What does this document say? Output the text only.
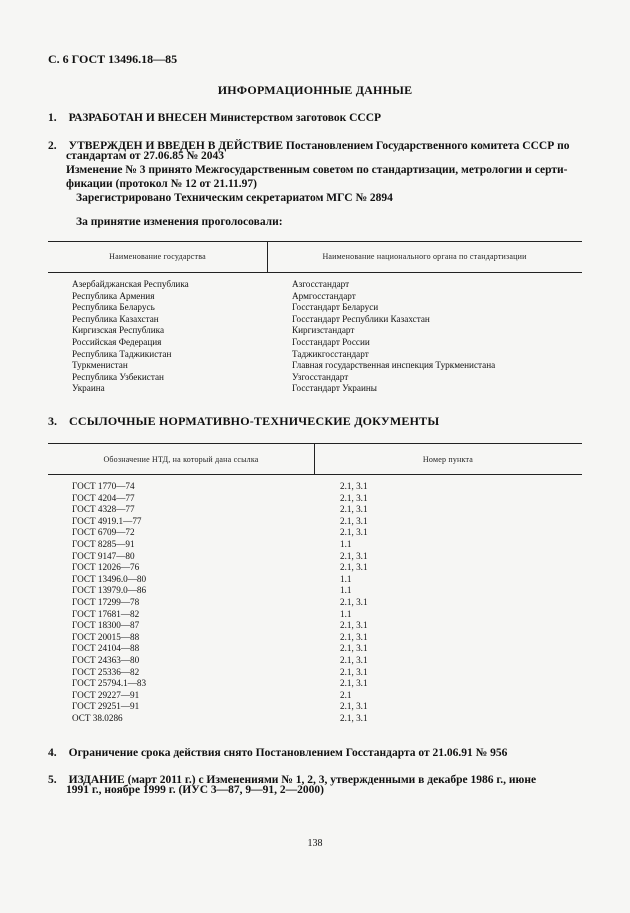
С. 6 ГОСТ 13496.18—85
ИНФОРМАЦИОННЫЕ ДАННЫЕ
1. РАЗРАБОТАН И ВНЕСЕН Министерством заготовок СССР
2. УТВЕРЖДЕН И ВВЕДЕН В ДЕЙСТВИЕ Постановлением Государственного комитета СССР по
стандартам от 27.06.85 № 2043
Изменение № 3 принято Межгосударственным советом по стандартизации, метрологии и серти-
фикации (протокол № 12 от 21.11.97)
Зарегистрировано Техническим секретариатом МГС № 2894
За принятие изменения проголосовали:
Наименование государства	Наименование национального органа по стандартизации
Азербайджанская Республика
Республика Армения
Республика Беларусь
Республика Казахстан
Киргизская Республика
Российская Федерация
Республика Таджикистан
Туркменистан
Республика Узбекистан
Украина
Азгосстандарт
Армгосстандарт
Госстандарт Беларуси
Госстандарт Республики Казахстан
Киргизстандарт
Госстандарт России
Таджикгосстандарт
Главная государственная инспекция Туркменистана
Узгосстандарт
Госстандарт Украины
3. ССЫЛОЧНЫЕ НОРМАТИВНО-ТЕХНИЧЕСКИЕ ДОКУМЕНТЫ
Обозначение НТД, на который дана ссылка	Номер пункта
ГОСТ 1770—74
ГОСТ 4204—77
ГОСТ 4328—77
ГОСТ 4919.1—77
ГОСТ 6709—72
ГОСТ 8285—91
ГОСТ 9147—80
ГОСТ 12026—76
ГОСТ 13496.0—80
ГОСТ 13979.0—86
ГОСТ 17299—78
ГОСТ 17681—82
ГОСТ 18300—87
ГОСТ 20015—88
ГОСТ 24104—88
ГОСТ 24363—80
ГОСТ 25336—82
ГОСТ 25794.1—83
ГОСТ 29227—91
ГОСТ 29251—91
ОСТ 38.0286
2.1, 3.1
2.1, 3.1
2.1, 3.1
2.1, 3.1
2.1, 3.1
1.1
2.1, 3.1
2.1, 3.1
1.1
1.1
2.1, 3.1
1.1
2.1, 3.1
2.1, 3.1
2.1, 3.1
2.1, 3.1
2.1, 3.1
2.1, 3.1
2.1
2.1, 3.1
2.1, 3.1
4. Ограничение срока действия снято Постановлением Госстандарта от 21.06.91 № 956
5. ИЗДАНИЕ (март 2011 г.) с Изменениями № 1, 2, 3, утвержденными в декабре 1986 г., июне
1991 г., ноябре 1999 г. (ИУС 3—87, 9—91, 2—2000)
138
